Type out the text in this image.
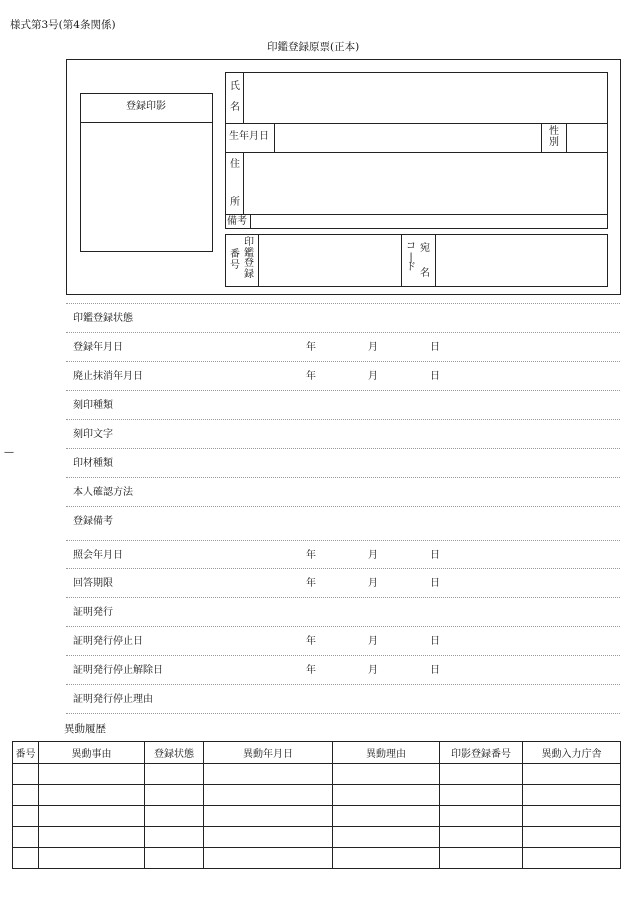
様式第3号(第4条関係)
印鑑登録原票(正本)
登録印影
氏
名
生年月日	性
別
住
所
備考
番
号
印
鑑
登
録
コ
|
ド
宛
名
印鑑登録状態
登録年月日	年	月	日
廃止抹消年月日	年	月	日
刻印種類
刻印文字
印材種類
本人確認方法
登録備考
照会年月日	年	月	日
回答期限	年	月	日
証明発行
証明発行停止日	年	月	日
証明発行停止解除日	年	月	日
証明発行停止理由
—
異動履歴
番号	異動事由	登録状態	異動年月日	異動理由	印影登録番号	異動入力庁舎
